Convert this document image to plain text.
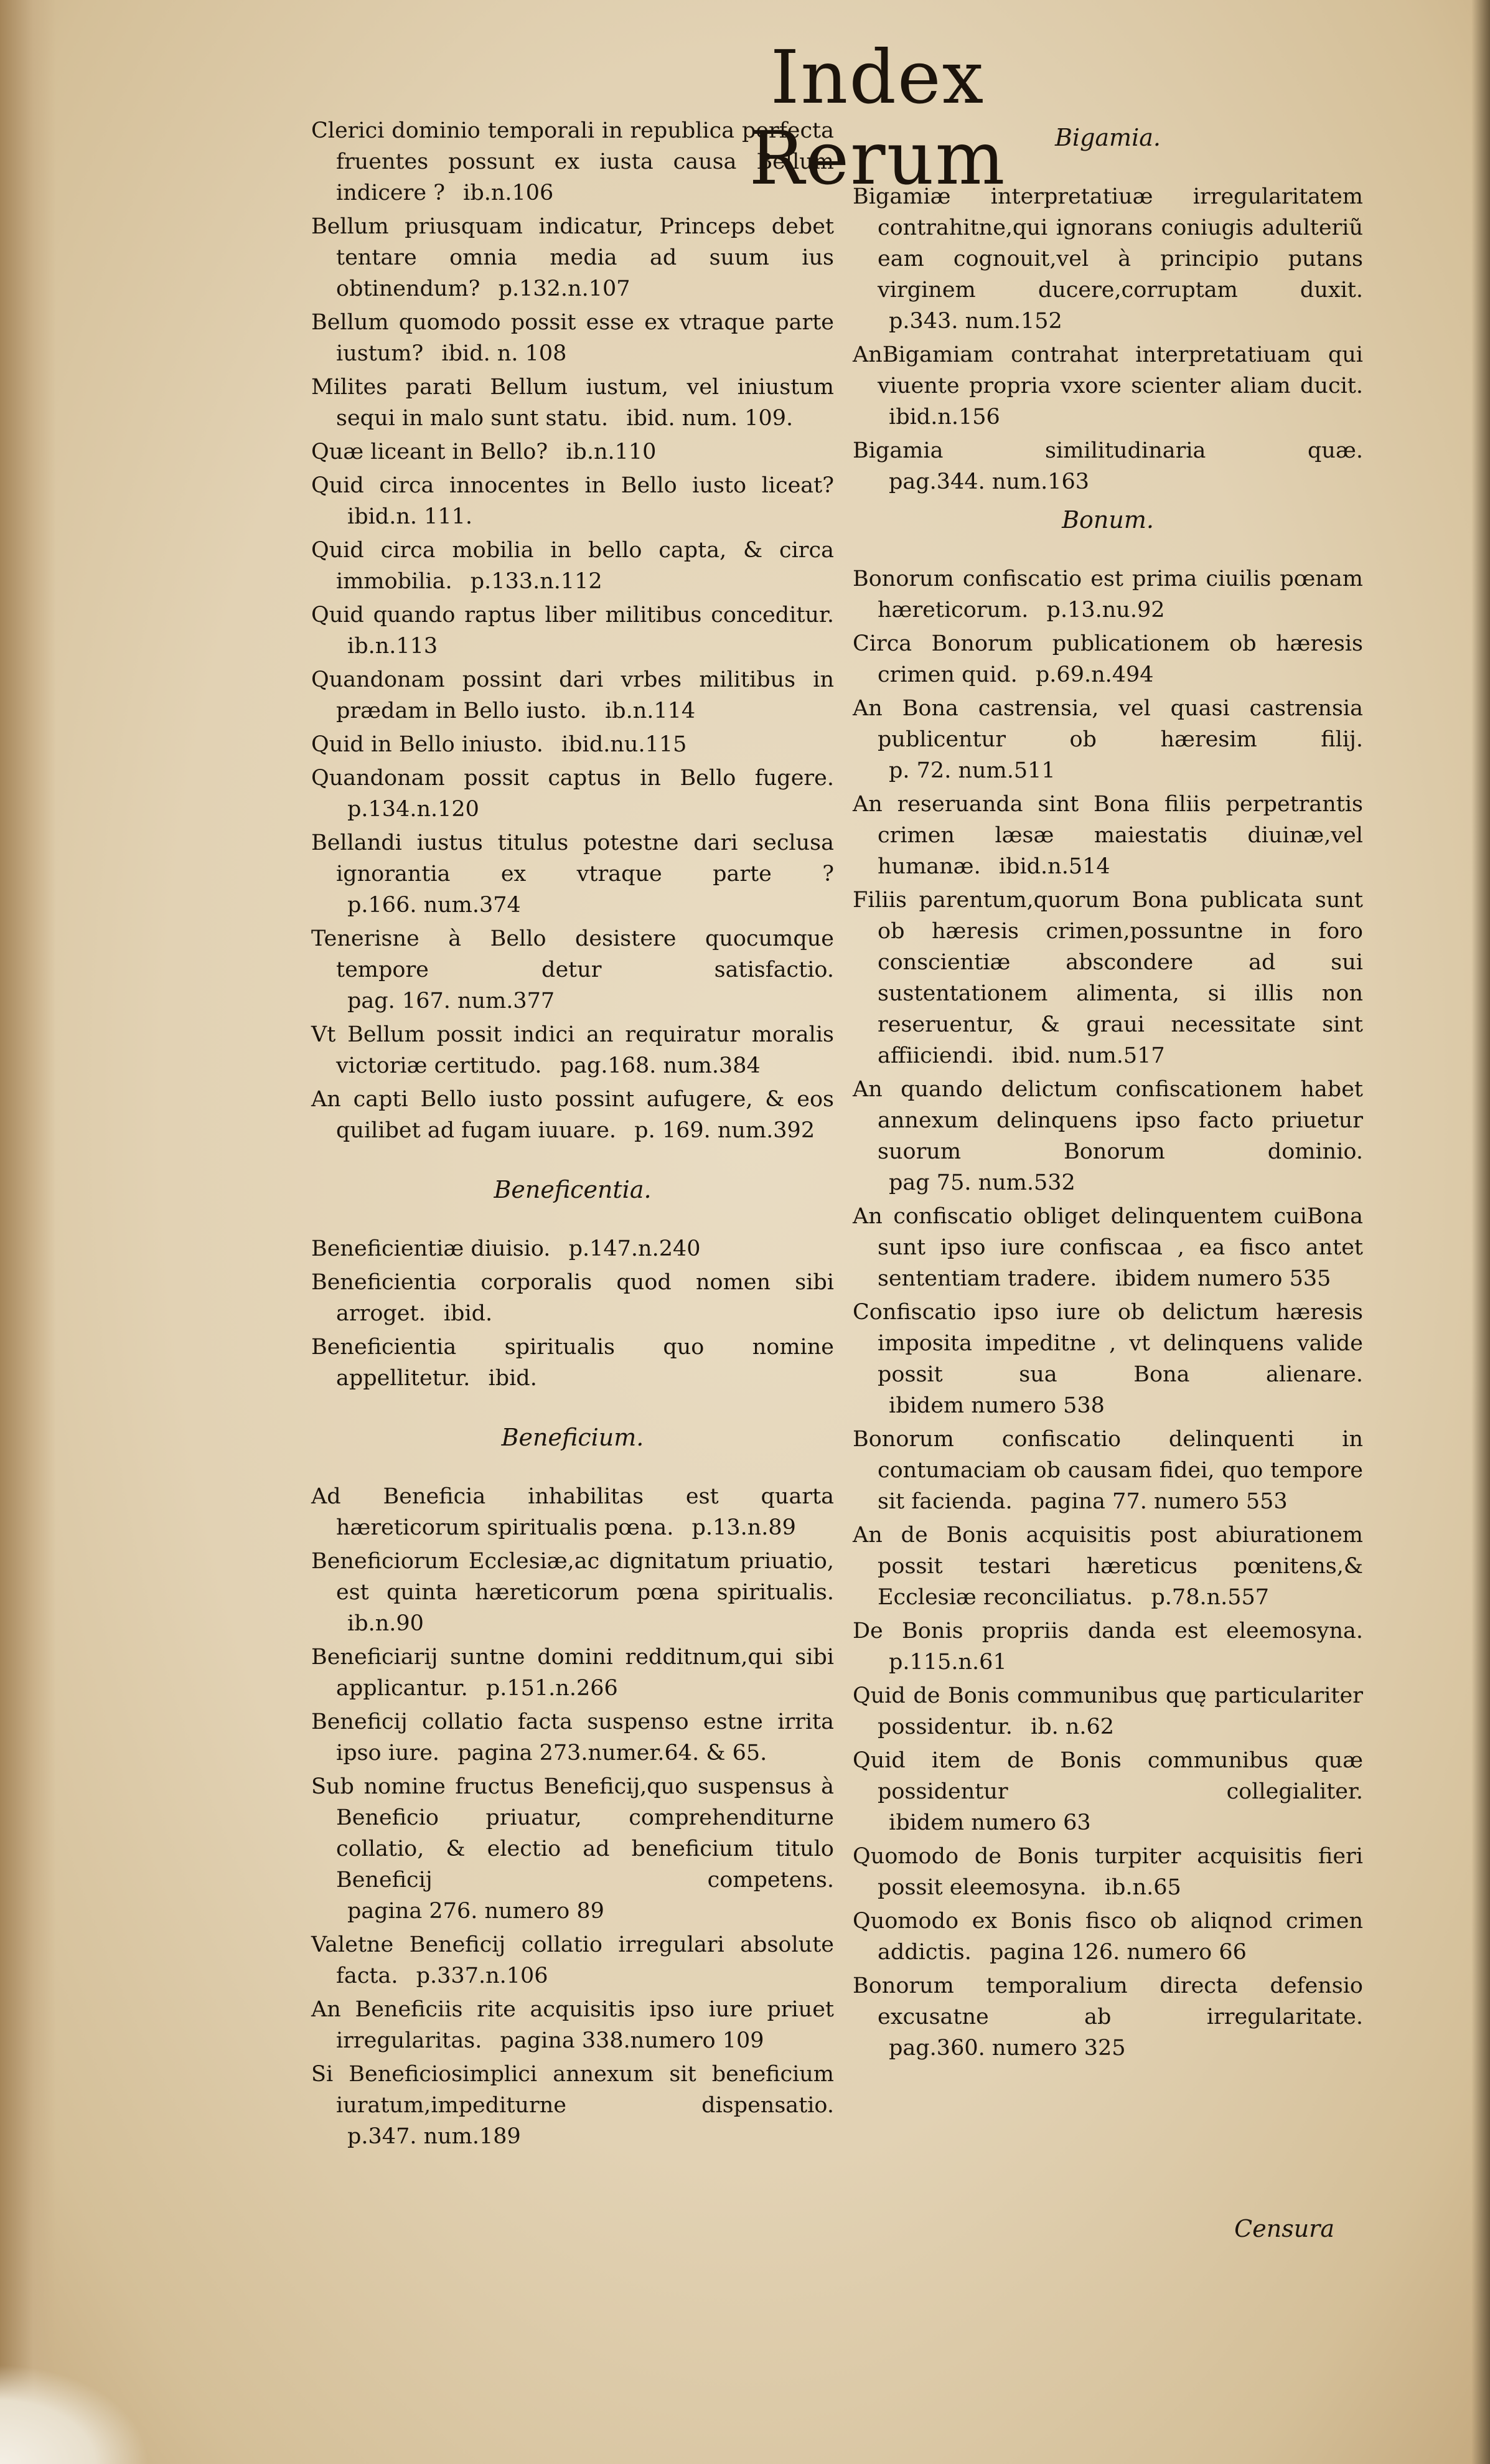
Index Rerum
Clerici dominio temporali in republica perfecta fruentes possunt ex iusta causa Bellum indicere ? ib.n.106
Bellum priusquam indicatur, Princeps debet tentare omnia media ad suum ius obtinendum? p.132.n.107
Bellum quomodo possit esse ex vtraque parte iustum? ibid. n. 108
Milites parati Bellum iustum, vel iniustum sequi in malo sunt statu. ibid. num. 109.
Quæ liceant in Bello? ib.n.110
Quid circa innocentes in Bello iusto liceat? ibid.n. 111.
Quid circa mobilia in bello capta, & circa immobilia. p.133.n.112
Quid quando raptus liber militibus conceditur. ib.n.113
Quandonam possint dari vrbes militibus in prædam in Bello iusto. ib.n.114
Quid in Bello iniusto. ibid.nu.115
Quandonam possit captus in Bello fugere. p.134.n.120
Bellandi iustus titulus potestne dari seclusa ignorantia ex vtraque parte ? p.166. num.374
Tenerisne à Bello desistere quocumque tempore detur satisfactio. pag. 167. num.377
Vt Bellum possit indici an requiratur moralis victoriæ certitudo. pag.168. num.384
An capti Bello iusto possint aufugere, & eos quilibet ad fugam iuuare. p. 169. num.392
Beneficentia.
Beneficientiæ diuisio. p.147.n.240
Beneficientia corporalis quod nomen sibi arroget. ibid.
Beneficientia spiritualis quo nomine appellitetur. ibid.
Beneficium.
Ad Beneficia inhabilitas est quarta hæreticorum spiritualis pœna. p.13.n.89
Beneficiorum Ecclesiæ,ac dignitatum priuatio, est quinta hæreticorum pœna spiritualis. ib.n.90
Beneficiarij suntne domini redditnum,qui sibi applicantur. p.151.n.266
Beneficij collatio facta suspenso estne irrita ipso iure. pagina 273.numer.64. & 65.
Sub nomine fructus Beneficij,quo suspensus à Beneficio priuatur, comprehenditurne collatio, & electio ad beneficium titulo Beneficij competens. pagina 276. numero 89
Valetne Beneficij collatio irregulari absolute facta. p.337.n.106
An Beneficiis rite acquisitis ipso iure priuet irregularitas. pagina 338.numero 109
Si Beneficiosimplici annexum sit beneficium iuratum,impediturne dispensatio. p.347. num.189
Bigamia.
Bigamiæ interpretatiuæ irregularitatem contrahitne,qui ignorans coniugis adulteriũ eam cognouit,vel à principio putans virginem ducere,corruptam duxit. p.343. num.152
AnBigamiam contrahat interpretatiuam qui viuente propria vxore scienter aliam ducit. ibid.n.156
Bigamia similitudinaria quæ. pag.344. num.163
Bonum.
Bonorum confiscatio est prima ciuilis pœnam hæreticorum. p.13.nu.92
Circa Bonorum publicationem ob hæresis crimen quid. p.69.n.494
An Bona castrensia, vel quasi castrensia publicentur ob hæresim filij. p. 72. num.511
An reseruanda sint Bona filiis perpetrantis crimen læsæ maiestatis diuinæ,vel humanæ. ibid.n.514
Filiis parentum,quorum Bona publicata sunt ob hæresis crimen,possuntne in foro conscientiæ abscondere ad sui sustentationem alimenta, si illis non reseruentur, & graui necessitate sint affiiciendi. ibid. num.517
An quando delictum confiscationem habet annexum delinquens ipso facto priuetur suorum Bonorum dominio. pag 75. num.532
An confiscatio obliget delinquentem cuiBona sunt ipso iure confiscaa , ea fisco antet sententiam tradere. ibidem numero 535
Confiscatio ipso iure ob delictum hæresis imposita impeditne , vt delinquens valide possit sua Bona alienare. ibidem numero 538
Bonorum confiscatio delinquenti in contumaciam ob causam fidei, quo tempore sit facienda. pagina 77. numero 553
An de Bonis acquisitis post abiurationem possit testari hæreticus pœnitens,& Ecclesiæ reconciliatus. p.78.n.557
De Bonis propriis danda est eleemosyna. p.115.n.61
Quid de Bonis communibus quę particulariter possidentur. ib. n.62
Quid item de Bonis communibus quæ possidentur collegialiter. ibidem numero 63
Quomodo de Bonis turpiter acquisitis fieri possit eleemosyna. ib.n.65
Quomodo ex Bonis fisco ob aliqnod crimen addictis. pagina 126. numero 66
Bonorum temporalium directa defensio excusatne ab irregularitate. pag.360. numero 325
Censura
